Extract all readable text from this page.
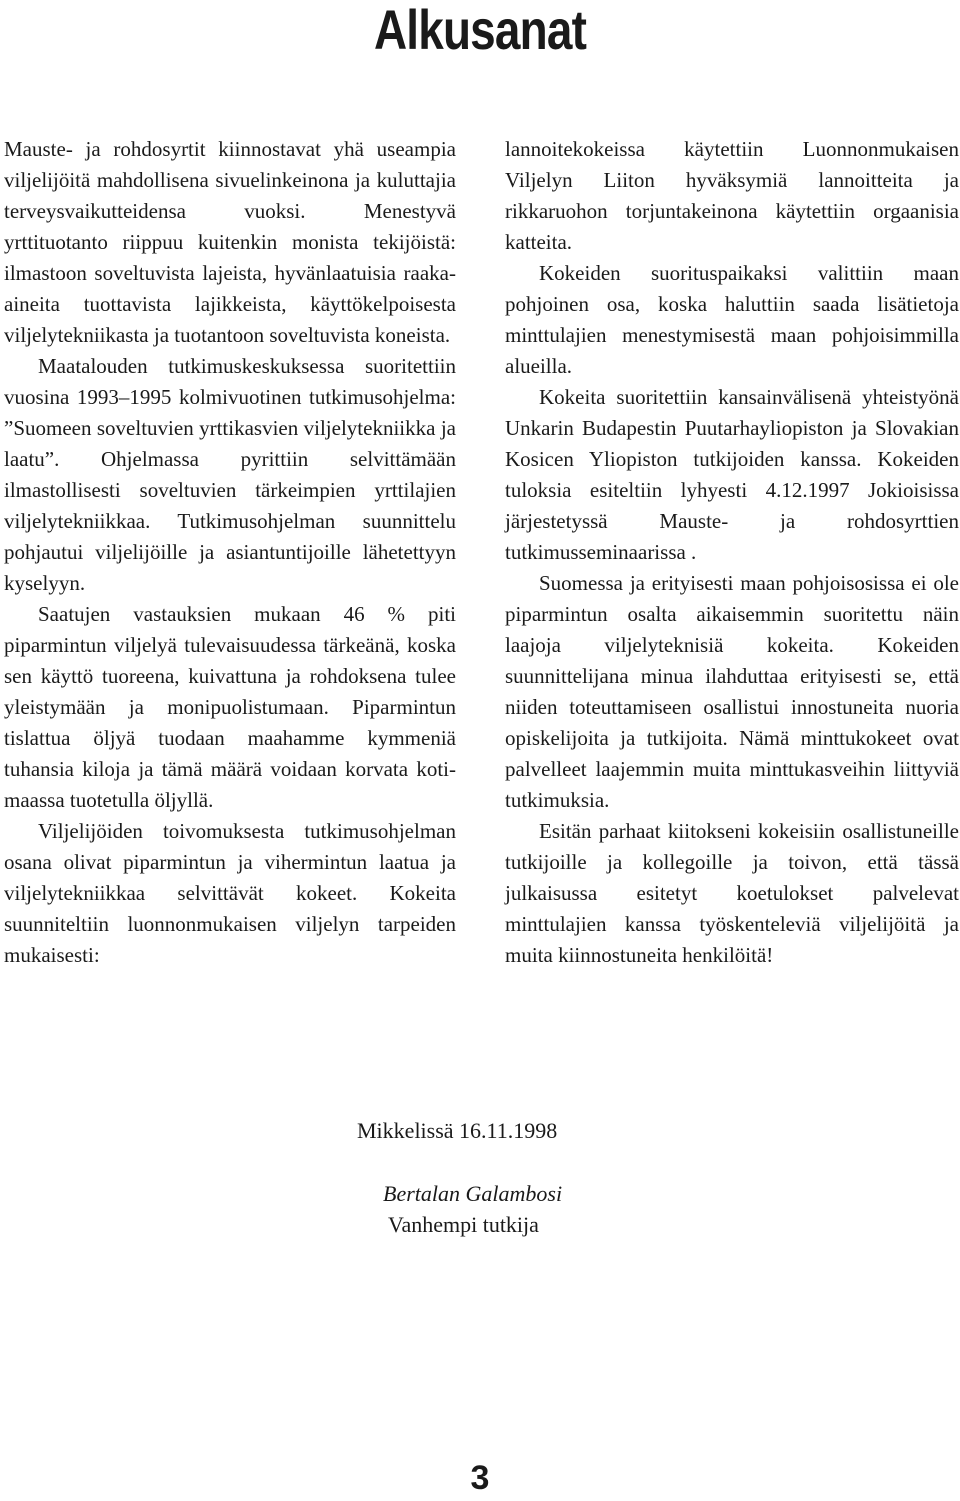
Alkusanat

Mauste- ja rohdosyrtit kiinnostavat yhä useampia viljelijöitä mahdollisena sivuelinkeinona ja kuluttajia terveysvaikutteidensa vuoksi. Menestyvä yrttituotanto riippuu kuitenkin monista tekijöistä: ilmastoon soveltuvista lajeista, hyvänlaatuisia raaka-aineita tuottavista lajikkeista, käyttökelpoisesta viljelytekniikasta ja tuotantoon soveltuvista koneista.

Maatalouden tutkimuskeskuksessa suoritettiin vuosina 1993–1995 kolmivuotinen tutkimusohjelma: ”Suomeen soveltuvien yrttikasvien viljelytekniikka ja laatu”. Ohjelmassa pyrittiin selvittämään ilmastollisesti soveltuvien tärkeimpien yrttilajien viljelytekniikkaa. Tutkimusohjelman suunnittelu pohjautui viljelijöille ja asiantuntijoille lähetettyyn kyselyyn.

Saatujen vastauksien mukaan 46 % piti piparmintun viljelyä tulevaisuudessa tärkeänä, koska sen käyttö tuoreena, kuivattuna ja rohdoksena tulee yleistymään ja monipuolistumaan. Piparmintun tislattua öljyä tuodaan maahamme kymmeniä tuhansia kiloja ja tämä määrä voidaan korvata kotimaassa tuotetulla öljyllä.

Viljelijöiden toivomuksesta tutkimusohjelman osana olivat piparmintun ja vihermintun laatua ja viljelytekniikkaa selvittävät kokeet. Kokeita suunniteltiin luonnonmukaisen viljelyn tarpeiden mukaisesti:

lannoitekokeissa käytettiin Luonnonmukaisen Viljelyn Liiton hyväksymiä lannoitteita ja rikkaruohon torjuntakeinona käytettiin orgaanisia katteita.

Kokeiden suorituspaikaksi valittiin maan pohjoinen osa, koska haluttiin saada lisätietoja minttulajien menestymisestä maan pohjoisimmilla alueilla.

Kokeita suoritettiin kansainvälisenä yhteistyönä Unkarin Budapestin Puutarhayliopiston ja Slovakian Kosicen Yliopiston tutkijoiden kanssa. Kokeiden tuloksia esiteltiin lyhyesti 4.12.1997 Jokioisissa järjestetyssä Mauste- ja rohdosyrttien tutkimusseminaarissa .

Suomessa ja erityisesti maan pohjoisosissa ei ole piparmintun osalta aikaisemmin suoritettu näin laajoja viljelyteknisiä kokeita. Kokeiden suunnittelijana minua ilahduttaa erityisesti se, että niiden toteuttamiseen osallistui innostuneita nuoria opiskelijoita ja tutkijoita. Nämä minttukokeet ovat palvelleet laajemmin muita minttukasveihin liittyviä tutkimuksia.

Esitän parhaat kiitokseni kokeisiin osallistuneille tutkijoille ja kollegoille ja toivon, että tässä julkaisussa esitetyt koetulokset palvelevat minttulajien kanssa työskenteleviä viljelijöitä ja muita kiinnostuneita henkilöitä!

Mikkelissä 16.11.1998
Bertalan Galambosi
Vanhempi tutkija
3
